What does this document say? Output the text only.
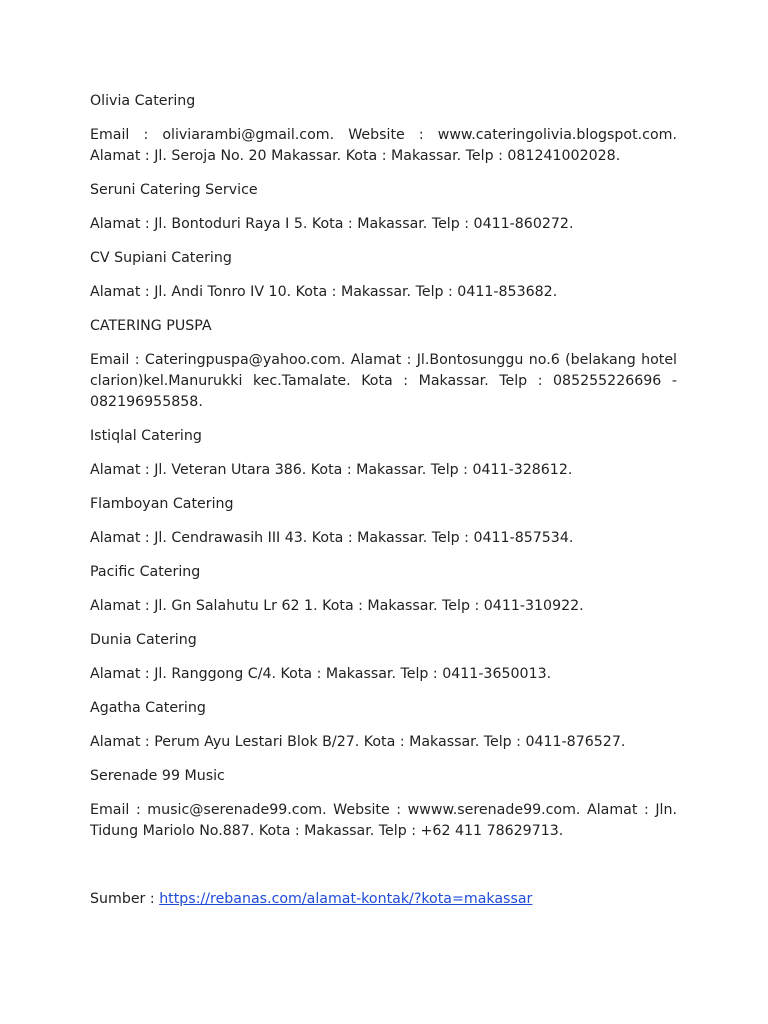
Olivia Catering

Email : oliviarambi@gmail.com. Website : www.cateringolivia.blogspot.com. Alamat : Jl. Seroja No. 20 Makassar. Kota : Makassar. Telp : 081241002028.

Seruni Catering Service

Alamat : Jl. Bontoduri Raya I 5. Kota : Makassar. Telp : 0411-860272.

CV Supiani Catering

Alamat : Jl. Andi Tonro IV 10. Kota : Makassar. Telp : 0411-853682.

CATERING PUSPA

Email : Cateringpuspa@yahoo.com. Alamat : Jl.Bontosunggu no.6 (belakang hotel clarion)kel.Manurukki kec.Tamalate. Kota : Makassar. Telp : 085255226696 - 082196955858.

Istiqlal Catering

Alamat : Jl. Veteran Utara 386. Kota : Makassar. Telp : 0411-328612.

Flamboyan Catering

Alamat : Jl. Cendrawasih III 43. Kota : Makassar. Telp : 0411-857534.

Pacific Catering

Alamat : Jl. Gn Salahutu Lr 62 1. Kota : Makassar. Telp : 0411-310922.

Dunia Catering

Alamat : Jl. Ranggong C/4. Kota : Makassar. Telp : 0411-3650013.

Agatha Catering

Alamat : Perum Ayu Lestari Blok B/27. Kota : Makassar. Telp : 0411-876527.

Serenade 99 Music

Email : music@serenade99.com. Website : wwww.serenade99.com. Alamat : Jln. Tidung Mariolo No.887. Kota : Makassar. Telp : +62 411 78629713.

Sumber : https://rebanas.com/alamat-kontak/?kota=makassar
